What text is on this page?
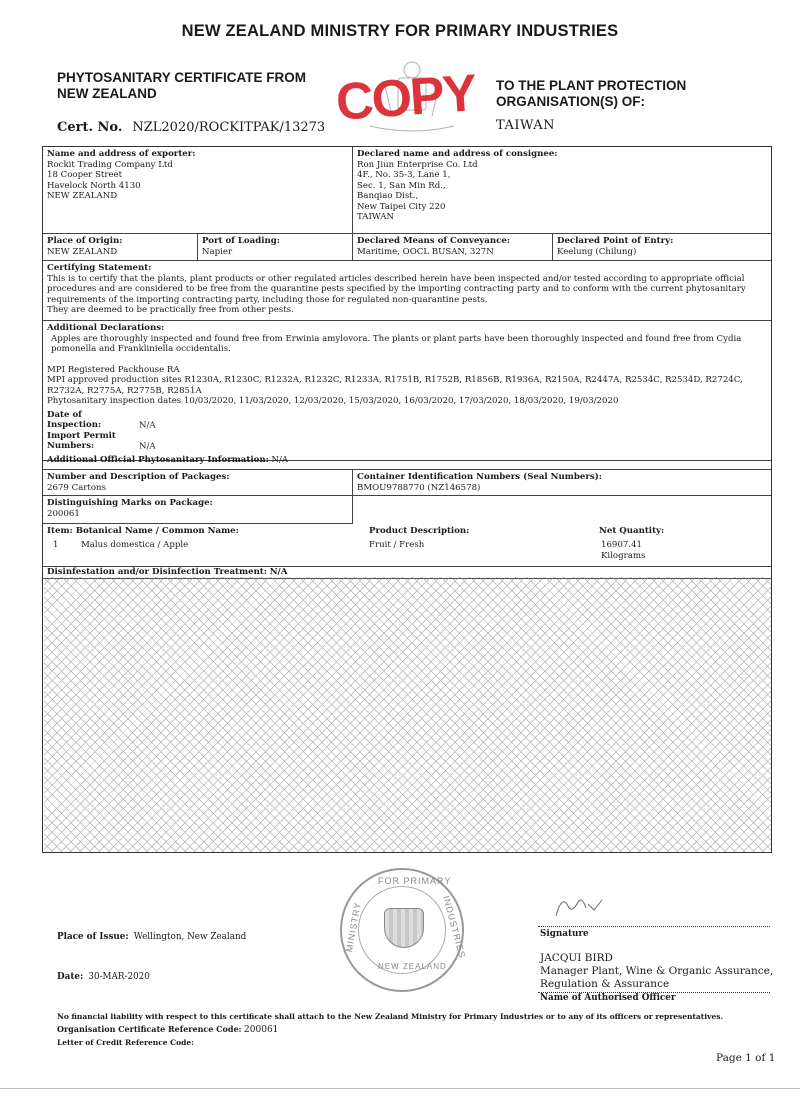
NEW ZEALAND MINISTRY FOR PRIMARY INDUSTRIES
PHYTOSANITARY CERTIFICATE FROM
NEW ZEALAND	COPY TO THE PLANT PROTECTION
ORGANISATION(S) OF:
Cert. No. NZL2020/ROCKITPAK/13273	TAIWAN
Name and address of exporter:
Rockit Trading Company Ltd
18 Cooper Street
Havelock North 4130
NEW ZEALAND
Declared name and address of consignee:
Ron Jiun Enterprise Co. Ltd
4F., No. 35-3, Lane 1,
Sec. 1, San Min Rd.,
Banqiao Dist.,
New Taipei City 220
TAIWAN
Place of Origin:
NEW ZEALAND
Port of Loading:
Napier
Declared Means of Conveyance:
Maritime, OOCL BUSAN, 327N
Declared Point of Entry:
Keelung (Chilung)
Certifying Statement:
This is to certify that the plants, plant products or other regulated articles described herein have been inspected and/or tested according to appropriate official procedures and are considered to be free from the quarantine pests specified by the importing contracting party and to conform with the current phytosanitary requirements of the importing contracting party, including those for regulated non-quarantine pests.
They are deemed to be practically free from other pests.
Additional Declarations:
Apples are thoroughly inspected and found free from Erwinia amylovora. The plants or plant parts have been thoroughly inspected and found free from Cydia pomonella and Frankliniella occidentalis.
MPI Registered Packhouse RA
MPI approved production sites R1230A, R1230C, R1232A, R1232C, R1233A, R1751B, R1752B, R1856B, R1936A, R2150A, R2447A, R2534C, R2534D, R2724C, R2732A, R2775A, R2775B, R2851A
Phytosanitary inspection dates 10/03/2020, 11/03/2020, 12/03/2020, 15/03/2020, 16/03/2020, 17/03/2020, 18/03/2020, 19/03/2020
Date of Inspection:	N/A
Import Permit Numbers:	N/A
Additional Official Phytosanitary Information: N/A
Number and Description of Packages:
2679 Cartons
Container Identification Numbers (Seal Numbers):
BMOU9788770 (NZ146578)
Distinguishing Marks on Package:
200061
Item: Botanical Name / Common Name:	Product Description:	Net Quantity:
1	Malus domestica / Apple	Fruit / Fresh	16907.41
Kilograms
Disinfestation and/or Disinfection Treatment: N/A
FOR PRIMARY
MINISTRY	INDUSTRIES
NEW ZEALAND
Place of Issue: Wellington, New Zealand
Date: 30-MAR-2020
Signature
JACQUI BIRD
Manager Plant, Wine & Organic Assurance,
Regulation & Assurance
Name of Authorised Officer
No financial liability with respect to this certificate shall attach to the New Zealand Ministry for Primary Industries or to any of its officers or representatives.
Organisation Certificate Reference Code: 200061
Letter of Credit Reference Code:
Page 1 of 1
